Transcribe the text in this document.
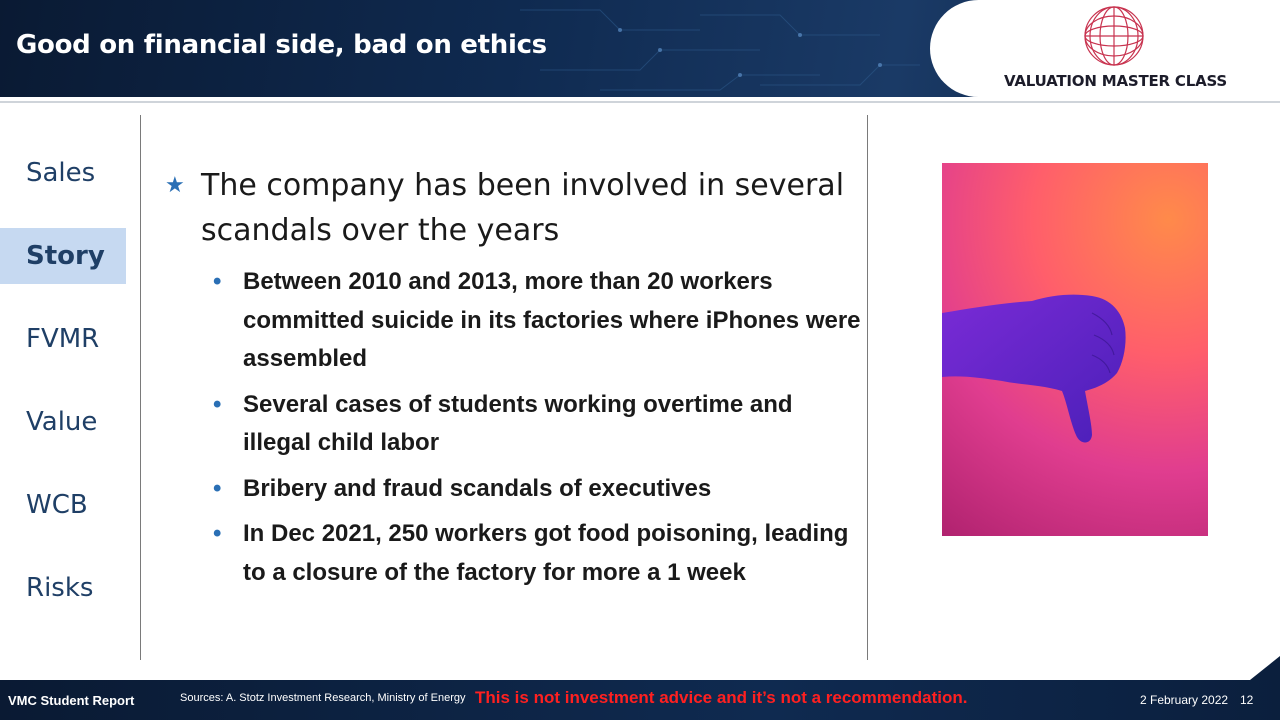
Good on financial side, bad on ethics
VALUATION MASTER CLASS
Sales
Story
FVMR
Value
WCB
Risks
★ The company has been involved in several scandals over the years
• Between 2010 and 2013, more than 20 workers committed suicide in its factories where iPhones were assembled
• Several cases of students working overtime and illegal child labor
• Bribery and fraud scandals of executives
• In Dec 2021, 250 workers got food poisoning, leading to a closure of the factory for more a 1 week
VMC Student Report	Sources: A. Stotz Investment Research, Ministry of Energy This is not investment advice and it’s not a recommendation.	2 February 2022 12
